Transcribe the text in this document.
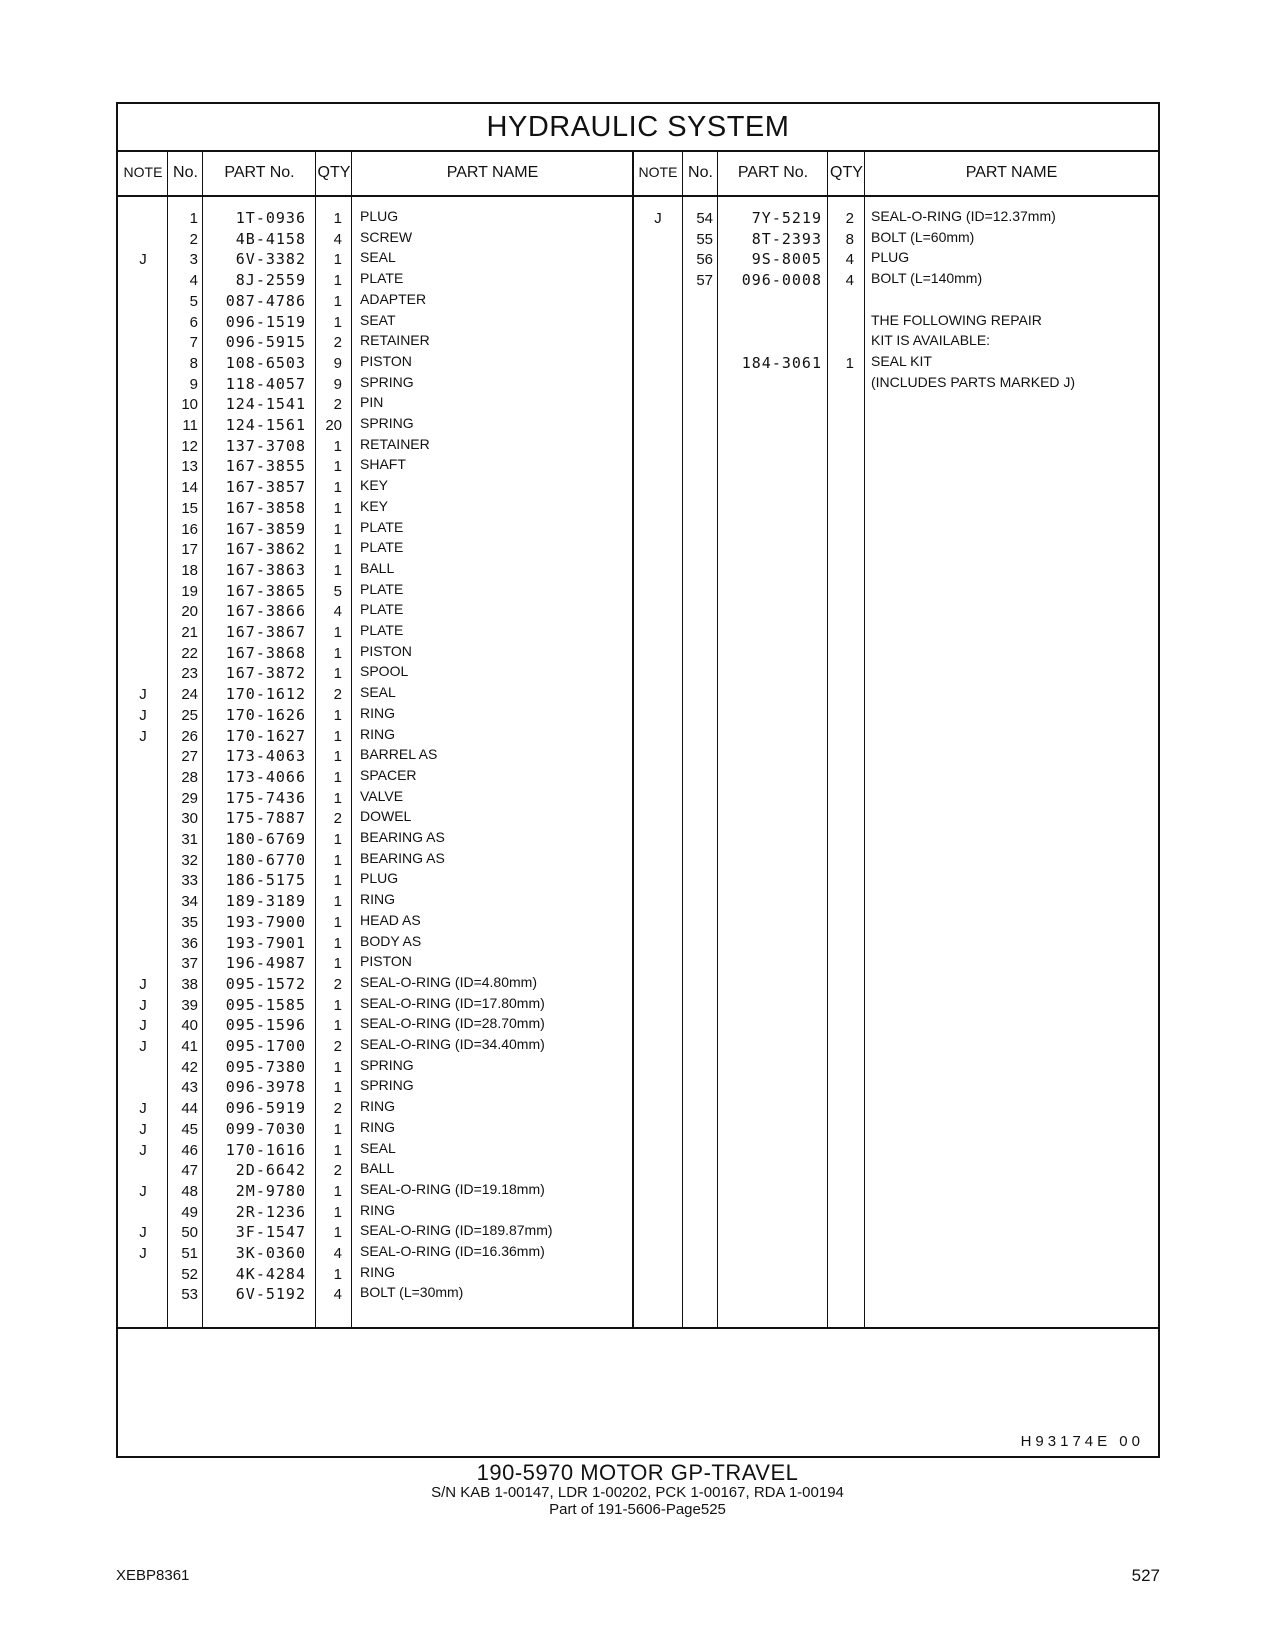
HYDRAULIC SYSTEM
NOTE No.	PART No.	QTY	PART NAME	NOTE No.	PART No.	QTY	PART NAME
1	1T-0936	1 PLUG
2	4B-4158	4 SCREW
J	3	6V-3382	1 SEAL
4	8J-2559	1 PLATE
5	087-4786	1 ADAPTER
6	096-1519	1 SEAT
7	096-5915	2 RETAINER
8	108-6503	9 PISTON
9	118-4057	9 SPRING
10	124-1541	2 PIN
11	124-1561	20 SPRING
12	137-3708	1 RETAINER
13	167-3855	1 SHAFT
14	167-3857	1 KEY
15	167-3858	1 KEY
16	167-3859	1 PLATE
17	167-3862	1 PLATE
18	167-3863	1 BALL
19	167-3865	5 PLATE
20	167-3866	4 PLATE
21	167-3867	1 PLATE
22	167-3868	1 PISTON
23	167-3872	1 SPOOL
J	24	170-1612	2 SEAL
J	25	170-1626	1 RING
J	26	170-1627	1 RING
27	173-4063	1 BARREL AS
28	173-4066	1 SPACER
29	175-7436	1 VALVE
30	175-7887	2 DOWEL
31	180-6769	1 BEARING AS
32	180-6770	1 BEARING AS
33	186-5175	1 PLUG
34	189-3189	1 RING
35	193-7900	1 HEAD AS
36	193-7901	1 BODY AS
37	196-4987	1 PISTON
J	38	095-1572	2 SEAL-O-RING (ID=4.80mm)
J	39	095-1585	1 SEAL-O-RING (ID=17.80mm)
J	40	095-1596	1 SEAL-O-RING (ID=28.70mm)
J	41	095-1700	2 SEAL-O-RING (ID=34.40mm)
42	095-7380	1 SPRING
43	096-3978	1 SPRING
J	44	096-5919	2 RING
J	45	099-7030	1 RING
J	46	170-1616	1 SEAL
47	2D-6642	2 BALL
J	48	2M-9780	1 SEAL-O-RING (ID=19.18mm)
49	2R-1236	1 RING
J	50	3F-1547	1 SEAL-O-RING (ID=189.87mm)
J	51	3K-0360	4 SEAL-O-RING (ID=16.36mm)
52	4K-4284	1 RING
53	6V-5192	4 BOLT (L=30mm)
J	54	7Y-5219	2 SEAL-O-RING (ID=12.37mm)
55	8T-2393	8 BOLT (L=60mm)
56	9S-8005	4 PLUG
57	096-0008	4 BOLT (L=140mm)
THE FOLLOWING REPAIR
KIT IS AVAILABLE:
184-3061	1 SEAL KIT
(INCLUDES PARTS MARKED J)
H93174E 00
190-5970 MOTOR GP-TRAVEL
S/N KAB 1-00147, LDR 1-00202, PCK 1-00167, RDA 1-00194
Part of 191-5606-Page525
XEBP8361	527
